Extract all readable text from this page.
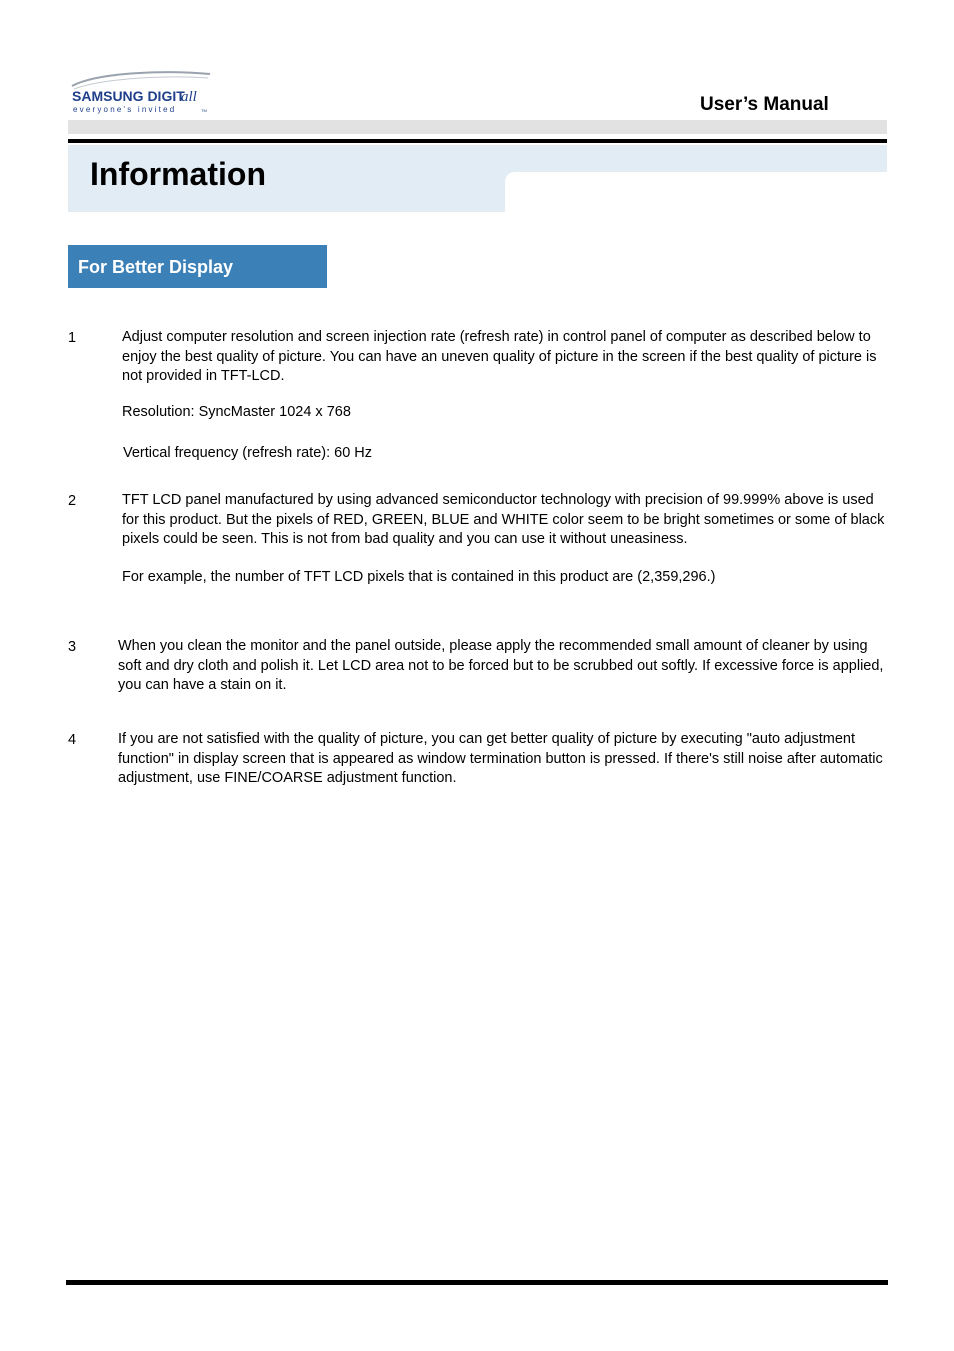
SAMSUNG DIGIT
all
everyone's invited	TM	User’s Manual
Information
For Better Display
1	Adjust computer resolution and screen injection rate (refresh rate) in control panel of computer as described below to enjoy the best quality of picture. You can have an uneven quality of picture in the screen if the best quality of picture is not provided in TFT-LCD.
Resolution: SyncMaster 1024 x 768
Vertical frequency (refresh rate): 60 Hz
2	TFT LCD panel manufactured by using advanced semiconductor technology with precision of 99.999% above is used for this product. But the pixels of RED, GREEN, BLUE and WHITE color seem to be bright sometimes or some of black pixels could be seen. This is not from bad quality and you can use it without uneasiness.
For example, the number of TFT LCD pixels that is contained in this product are (2,359,296.)
3	When you clean the monitor and the panel outside, please apply the recommended small amount of cleaner by using soft and dry cloth and polish it. Let LCD area not to be forced but to be scrubbed out softly. If excessive force is applied, you can have a stain on it.
4	If you are not satisfied with the quality of picture, you can get better quality of picture by executing "auto adjustment function" in display screen that is appeared as window termination button is pressed. If there's still noise after automatic adjustment, use FINE/COARSE adjustment function.
